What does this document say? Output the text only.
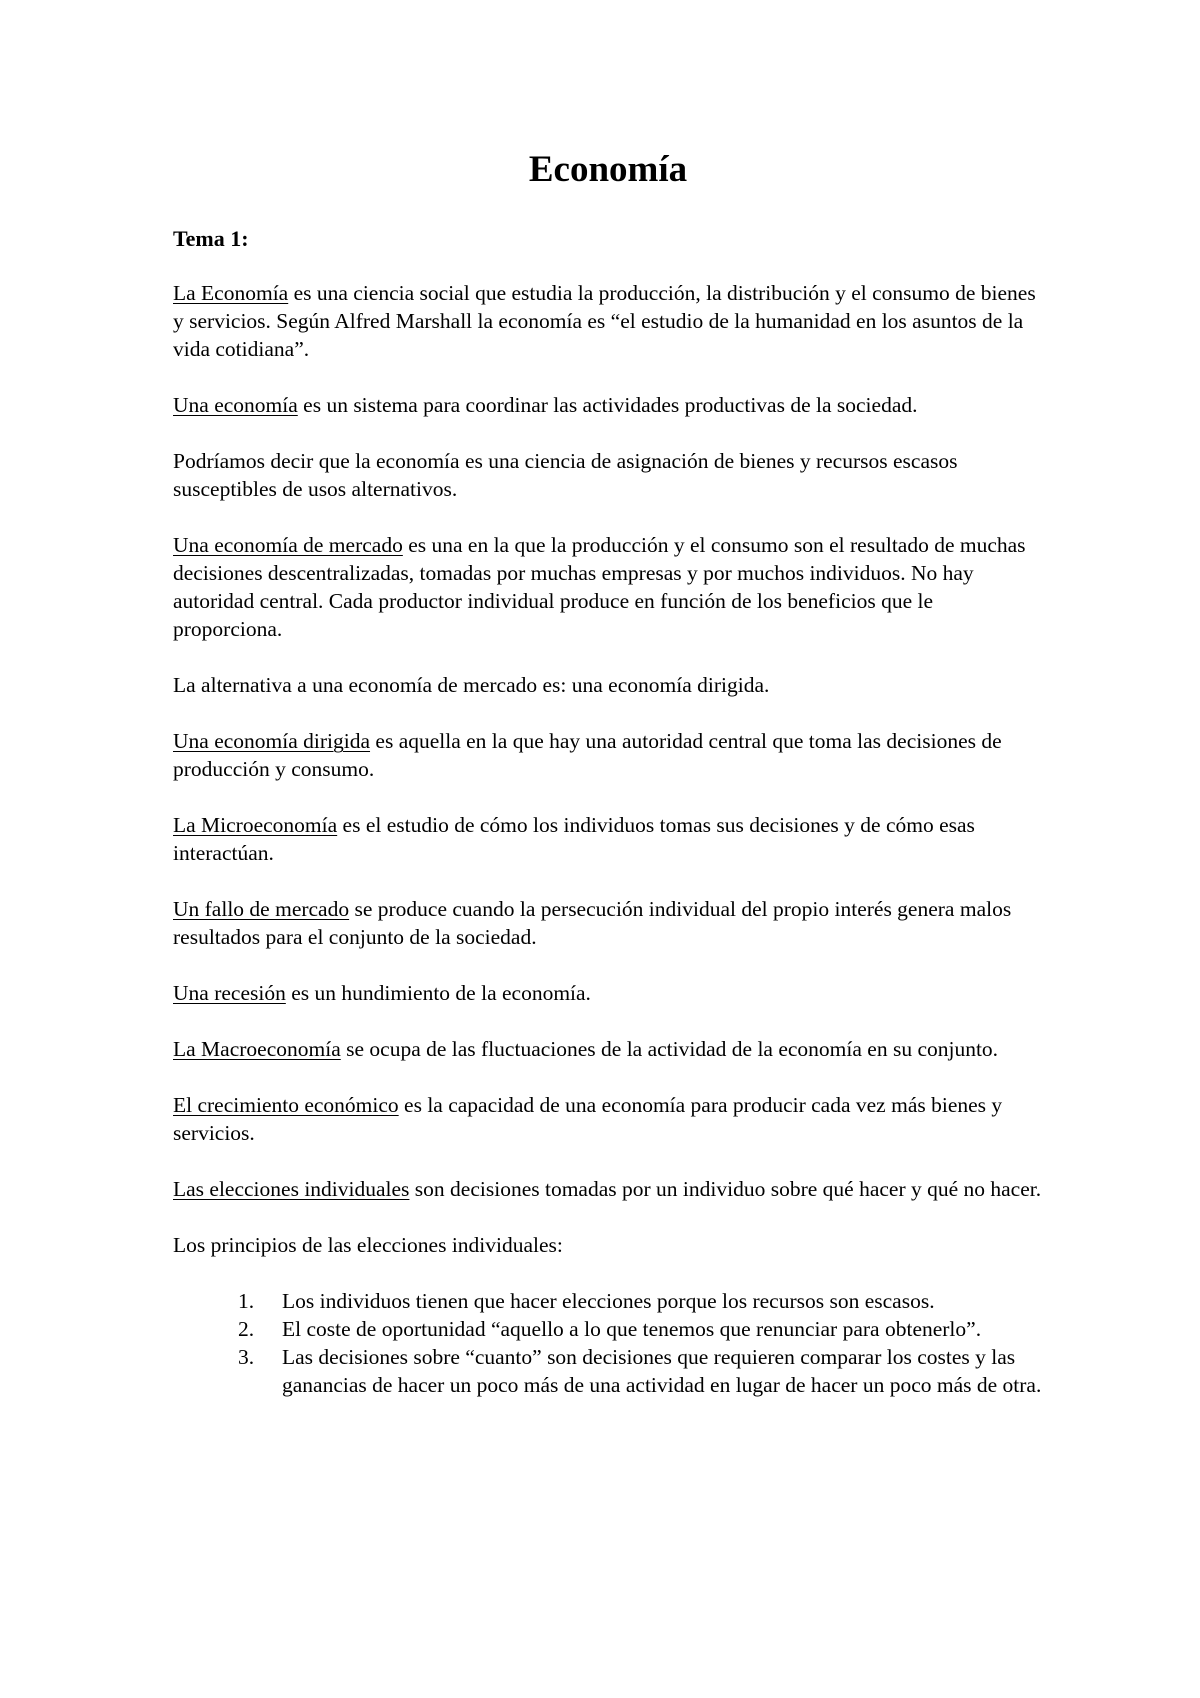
Economía
Tema 1:

La Economía es una ciencia social que estudia la producción, la distribución y el consumo de bienes y servicios. Según Alfred Marshall la economía es “el estudio de la humanidad en los asuntos de la vida cotidiana”.

Una economía es un sistema para coordinar las actividades productivas de la sociedad.

Podríamos decir que la economía es una ciencia de asignación de bienes y recursos escasos susceptibles de usos alternativos.

Una economía de mercado es una en la que la producción y el consumo son el resultado de muchas decisiones descentralizadas, tomadas por muchas empresas y por muchos individuos. No hay autoridad central. Cada productor individual produce en función de los beneficios que le proporciona.

La alternativa a una economía de mercado es: una economía dirigida.

Una economía dirigida es aquella en la que hay una autoridad central que toma las decisiones de producción y consumo.

La Microeconomía es el estudio de cómo los individuos tomas sus decisiones y de cómo esas interactúan.

Un fallo de mercado se produce cuando la persecución individual del propio interés genera malos resultados para el conjunto de la sociedad.

Una recesión es un hundimiento de la economía.

La Macroeconomía se ocupa de las fluctuaciones de la actividad de la economía en su conjunto.

El crecimiento económico es la capacidad de una economía para producir cada vez más bienes y servicios.

Las elecciones individuales son decisiones tomadas por un individuo sobre qué hacer y qué no hacer.

Los principios de las elecciones individuales:

1. Los individuos tienen que hacer elecciones porque los recursos son escasos.
2. El coste de oportunidad “aquello a lo que tenemos que renunciar para obtenerlo”.
3. Las decisiones sobre “cuanto” son decisiones que requieren comparar los costes y las ganancias de hacer un poco más de una actividad en lugar de hacer un poco más de otra.
